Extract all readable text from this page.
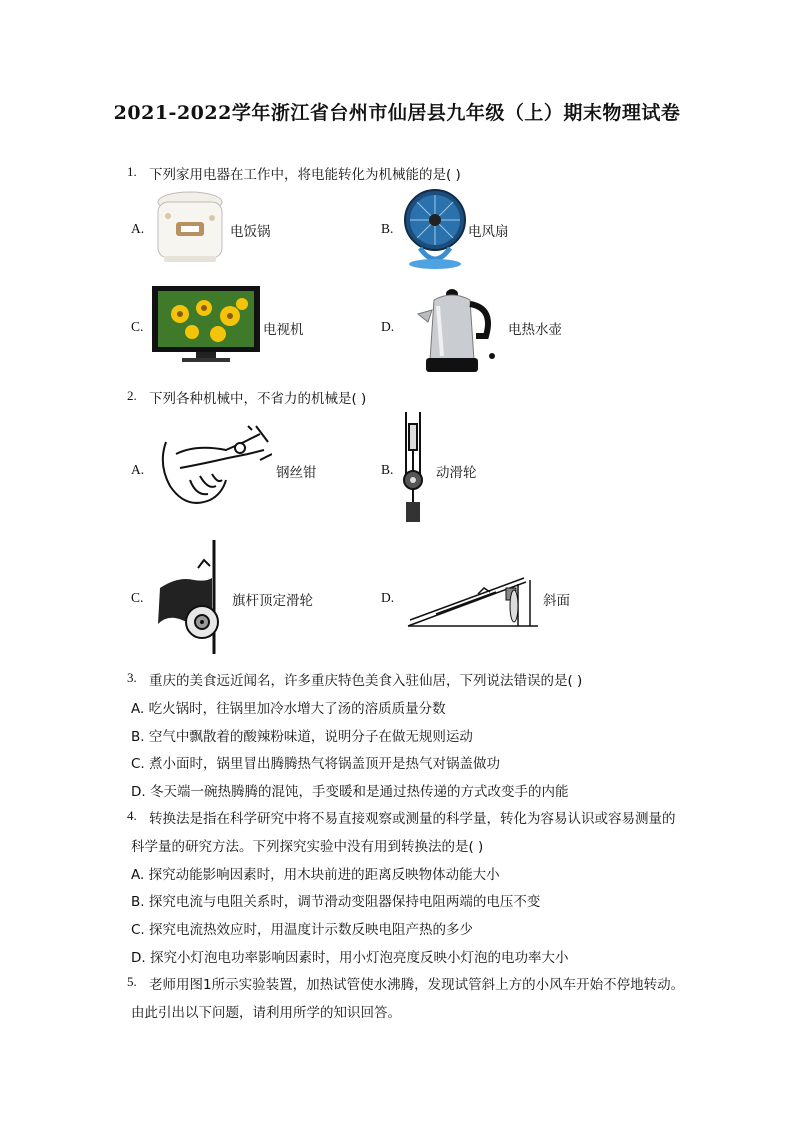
2021-2022学年浙江省台州市仙居县九年级（上）期末物理试卷
1. 下列家用电器在工作中，将电能转化为机械能的是( )
A.	电饭锅	B.	电风扇
C.	电视机	D.	电热水壶
2. 下列各种机械中，不省力的机械是( )
A.	钢丝钳	B.	动滑轮
C.	旗杆顶定滑轮	D.	斜面
3. 重庆的美食远近闻名，许多重庆特色美食入驻仙居，下列说法错误的是( )
A. 吃火锅时，往锅里加冷水增大了汤的溶质质量分数
B. 空气中飘散着的酸辣粉味道，说明分子在做无规则运动
C. 煮小面时，锅里冒出腾腾热气将锅盖顶开是热气对锅盖做功
D. 冬天端一碗热腾腾的混饨，手变暖和是通过热传递的方式改变手的内能
4. 转换法是指在科学研究中将不易直接观察或测量的科学量，转化为容易认识或容易测量的
科学量的研究方法。下列探究实验中没有用到转换法的是( )
A. 探究动能影响因素时，用木块前进的距离反映物体动能大小
B. 探究电流与电阻关系时，调节滑动变阻器保持电阻两端的电压不变
C. 探究电流热效应时，用温度计示数反映电阻产热的多少
D. 探究小灯泡电功率影响因素时，用小灯泡亮度反映小灯泡的电功率大小
5. 老师用图1所示实验装置，加热试管使水沸腾，发现试管斜上方的小风车开始不停地转动。
由此引出以下问题，请利用所学的知识回答。
